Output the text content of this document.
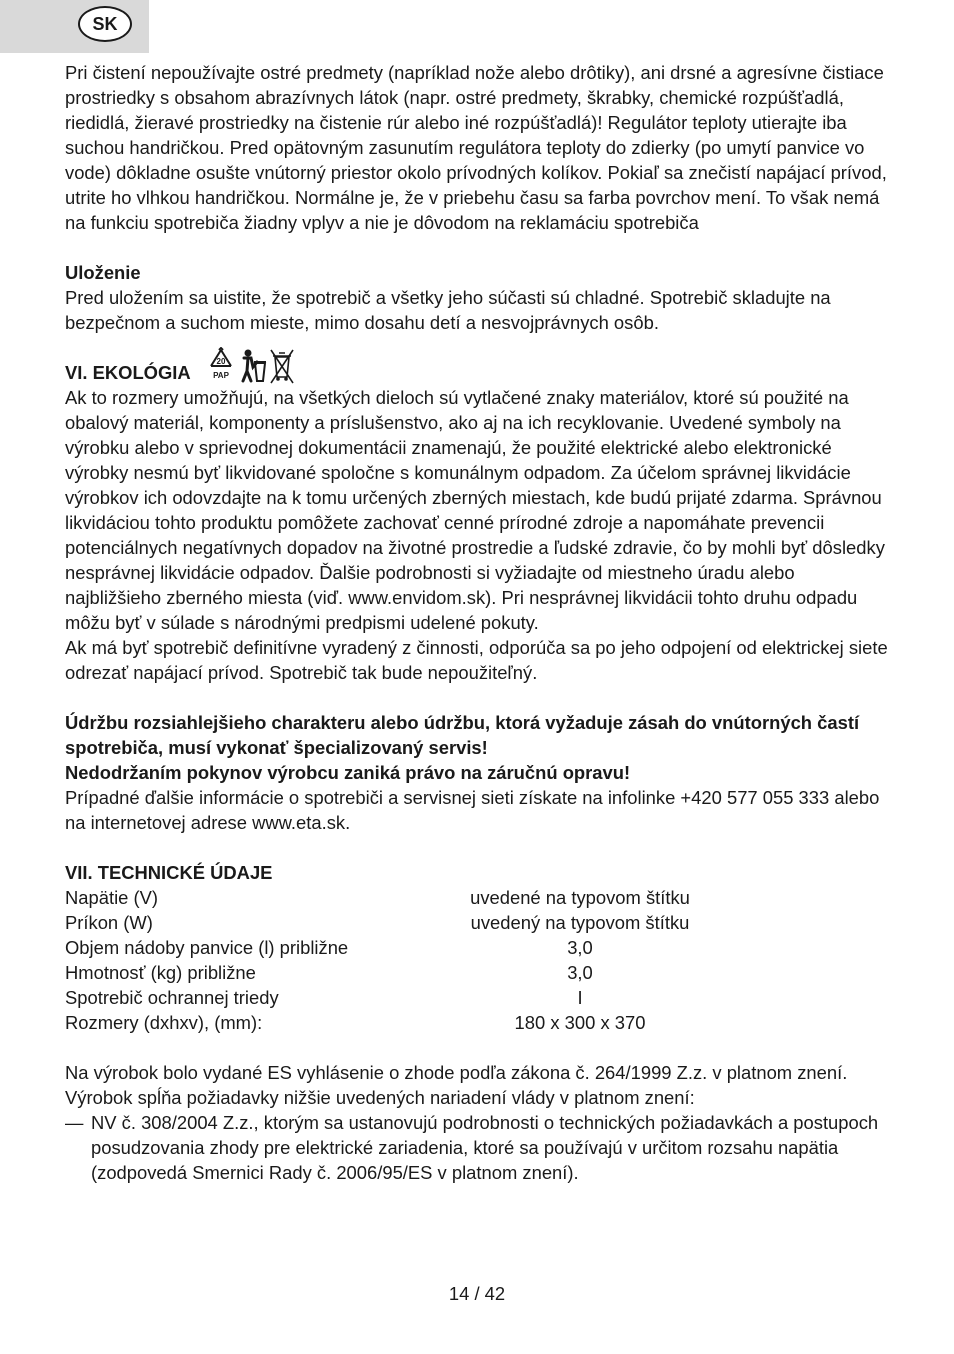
SK

Pri čistení nepoužívajte ostré predmety (napríklad nože alebo drôtiky), ani drsné a agresívne čistiace prostriedky s obsahom abrazívnych látok (napr. ostré predmety, škrabky, chemické rozpúšťadlá, riedidlá, žieravé prostriedky na čistenie rúr alebo iné rozpúšťadlá)! Regulátor teploty utierajte iba suchou handričkou. Pred opätovným zasunutím regulátora teploty do zdierky (po umytí panvice vo vode) dôkladne osušte vnútorný priestor okolo prívodných kolíkov. Pokiaľ sa znečistí napájací prívod, utrite ho vlhkou handričkou. Normálne je, že v priebehu času sa farba povrchov mení. To však nemá na funkciu spotrebiča žiadny vplyv a nie je dôvodom na reklamáciu spotrebiča

Uloženie

Pred uložením sa uistite, že spotrebič a všetky jeho súčasti sú chladné. Spotrebič skladujte na bezpečnom a suchom mieste, mimo dosahu detí a nesvojprávnych osôb.

VI. EKOLÓGIA
20
PAP

Ak to rozmery umožňujú, na všetkých dieloch sú vytlačené znaky materiálov, ktoré sú použité na obalový materiál, komponenty a príslušenstvo, ako aj na ich recyklovanie. Uvedené symboly na výrobku alebo v sprievodnej dokumentácii znamenajú, že použité elektrické alebo elektronické výrobky nesmú byť likvidované spoločne s komunálnym odpadom. Za účelom správnej likvidácie výrobkov ich odovzdajte na k tomu určených zberných miestach, kde budú prijaté zdarma. Správnou likvidáciou tohto produktu pomôžete zachovať cenné prírodné zdroje a napomáhate prevencii potenciálnych negatívnych dopadov na životné prostredie a ľudské zdravie, čo by mohli byť dôsledky nesprávnej likvidácie odpadov. Ďalšie podrobnosti si vyžiadajte od miestneho úradu alebo najbližšieho zberného miesta (viď. www.envidom.sk). Pri nesprávnej likvidácii tohto druhu odpadu môžu byť v súlade s národnými predpismi udelené pokuty.

Ak má byť spotrebič definitívne vyradený z činnosti, odporúča sa po jeho odpojení od elektrickej siete odrezať napájací prívod. Spotrebič tak bude nepoužiteľný.

Údržbu rozsiahlejšieho charakteru alebo údržbu, ktorá vyžaduje zásah do vnútorných častí spotrebiča, musí vykonať špecializovaný servis!
Nedodržaním pokynov výrobcu zaniká právo na záručnú opravu!

Prípadné ďalšie informácie o spotrebiči a servisnej sieti získate na infolinke +420 577 055 333 alebo na internetovej adrese www.eta.sk.

VII. TECHNICKÉ ÚDAJE
Napätie (V)	uvedené na typovom štítku
Príkon (W)	uvedený na typovom štítku
Objem nádoby panvice (l) približne	3,0
Hmotnosť (kg) približne	3,0
Spotrebič ochrannej triedy	I
Rozmery (dxhxv), (mm):	180 x 300 x 370

Na výrobok bolo vydané ES vyhlásenie o zhode podľa zákona č. 264/1999 Z.z. v platnom znení. Výrobok spĺňa požiadavky nižšie uvedených nariadení vlády v platnom znení:

— NV č. 308/2004 Z.z., ktorým sa ustanovujú podrobnosti o technických požiadavkách a postupoch posudzovania zhody pre elektrické zariadenia, ktoré sa používajú v určitom rozsahu napätia (zodpovedá Smernici Rady č. 2006/95/ES v platnom znení).
14 / 42
